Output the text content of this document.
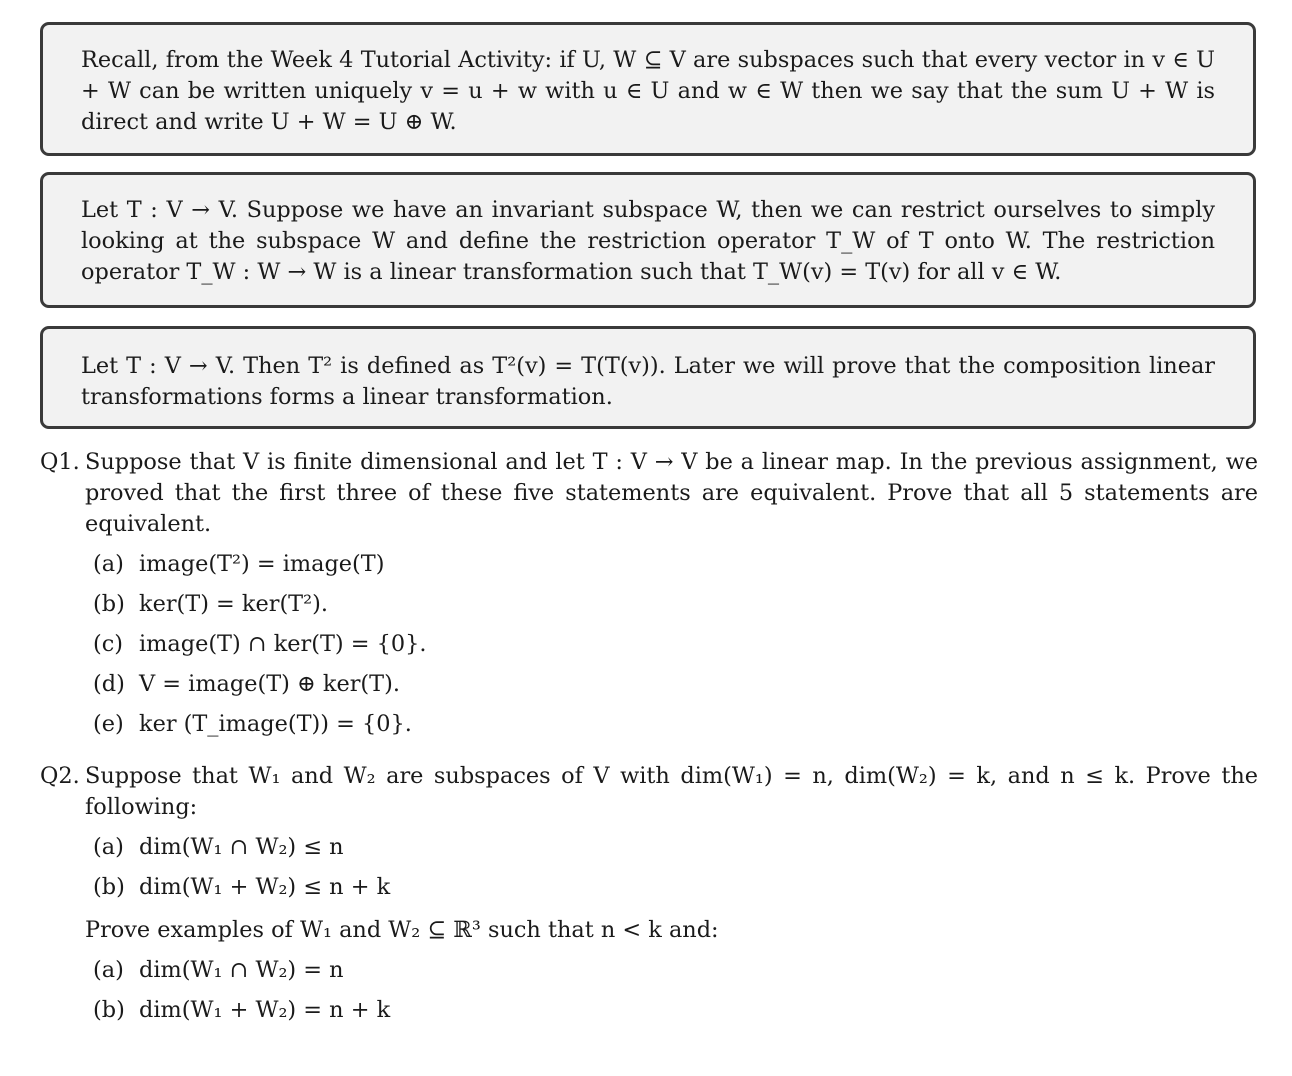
Recall, from the Week 4 Tutorial Activity: if U, W ⊆ V are subspaces such that every vector in v ∈ U + W can be written uniquely v = u + w with u ∈ U and w ∈ W then we say that the sum U + W is direct and write U + W = U ⊕ W.
Let T : V → V. Suppose we have an invariant subspace W, then we can restrict ourselves to simply looking at the subspace W and define the restriction operator T_W of T onto W. The restriction operator T_W : W → W is a linear transformation such that T_W(v) = T(v) for all v ∈ W.
Let T : V → V. Then T² is defined as T²(v) = T(T(v)). Later we will prove that the composition linear transformations forms a linear transformation.
Q1. Suppose that V is finite dimensional and let T : V → V be a linear map. In the previous assignment, we proved that the first three of these five statements are equivalent. Prove that all 5 statements are equivalent.
(a) image(T²) = image(T)
(b) ker(T) = ker(T²).
(c) image(T) ∩ ker(T) = {0}.
(d) V = image(T) ⊕ ker(T).
(e) ker (T_image(T)) = {0}.
Q2. Suppose that W₁ and W₂ are subspaces of V with dim(W₁) = n, dim(W₂) = k, and n ≤ k. Prove the following:
(a) dim(W₁ ∩ W₂) ≤ n
(b) dim(W₁ + W₂) ≤ n + k
Prove examples of W₁ and W₂ ⊆ ℝ³ such that n < k and:
(a) dim(W₁ ∩ W₂) = n
(b) dim(W₁ + W₂) = n + k
